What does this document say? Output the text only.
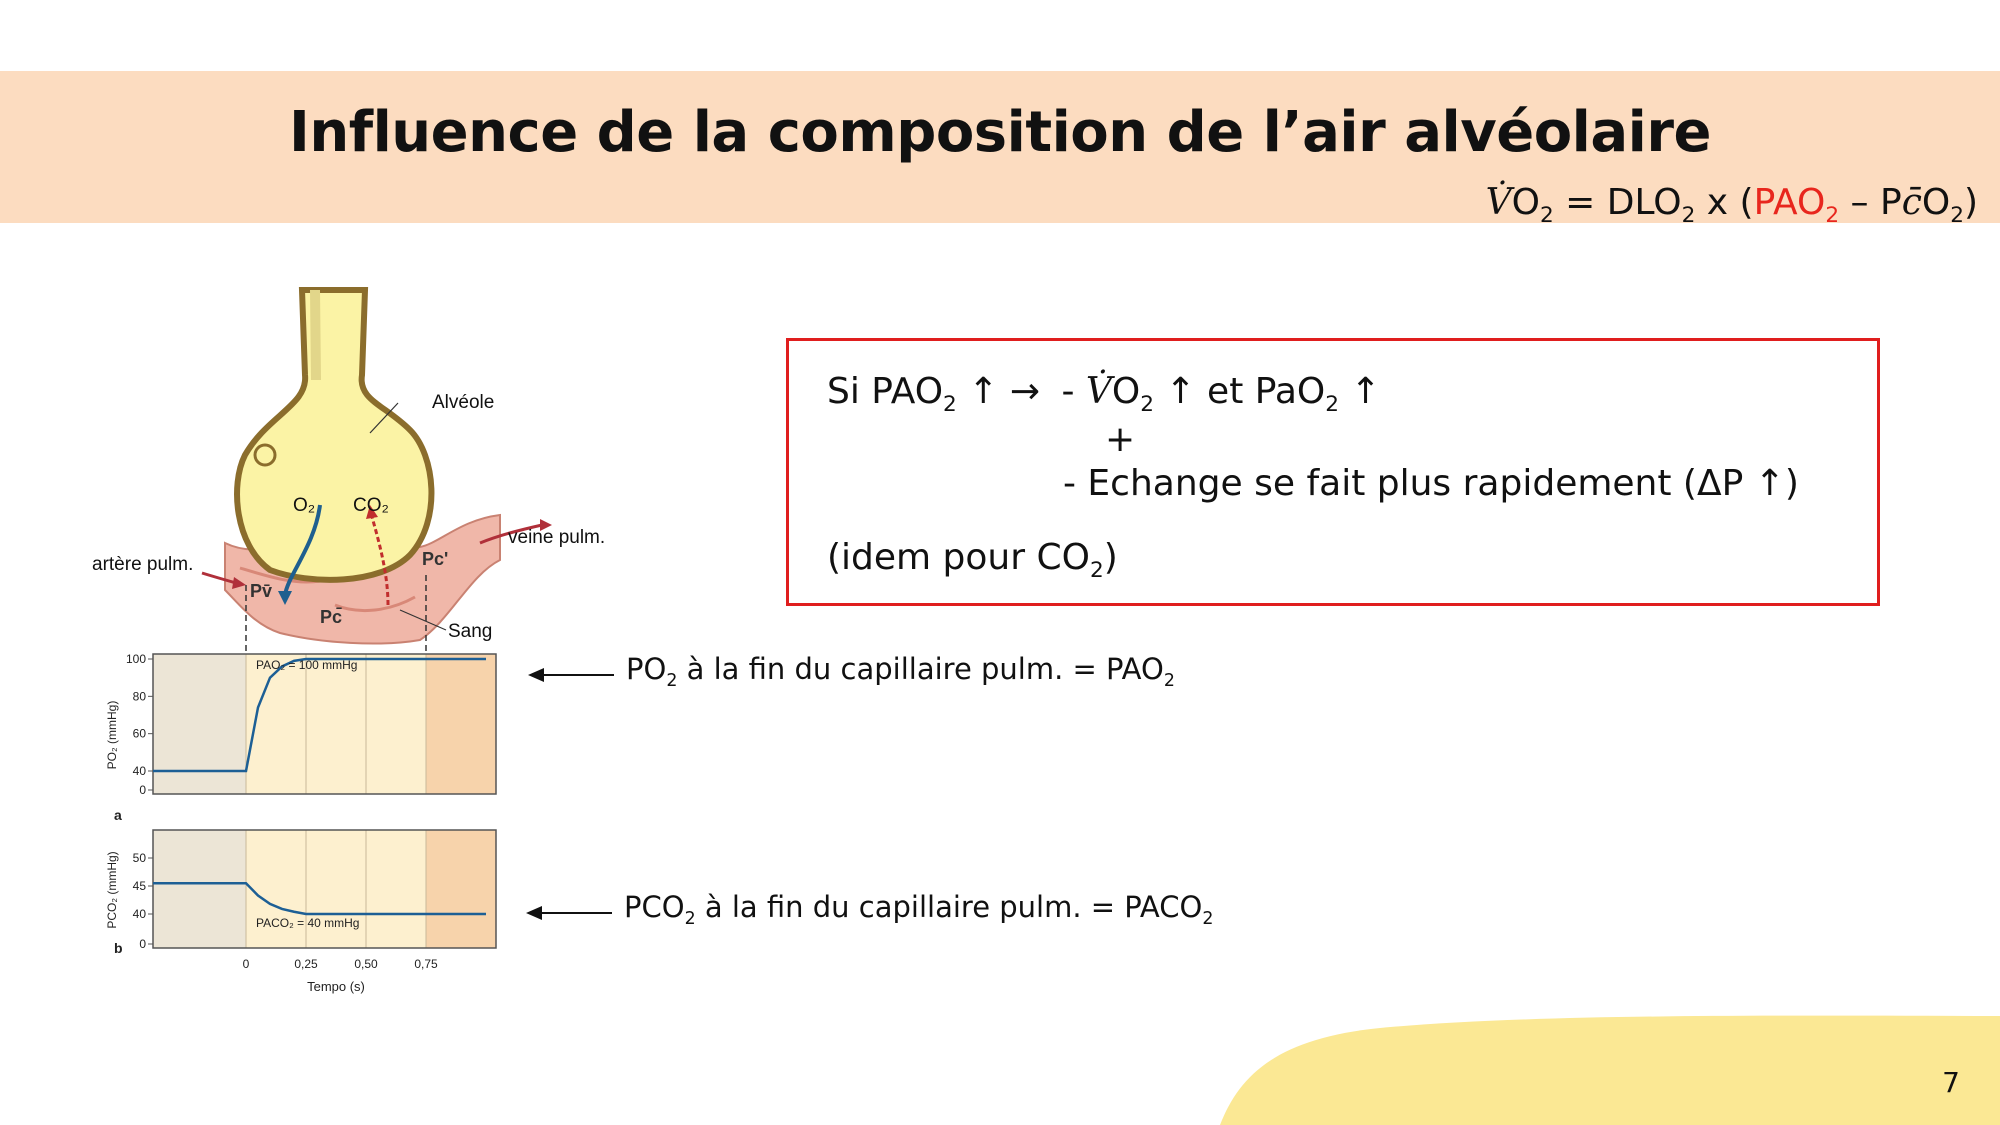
Influence de la composition de l’air alvéolaire
$V̇O_2 = DLO_2$ x ($PAO_2$ – $Pc̄O_2$)
Si $PAO_2$ ↑ → - $V̇O_2$ ↑ et PaO$_2$ ↑
+
- Echange se fait plus rapidement (ΔP ↑)
(idem pour $CO_2$)
$PO_2$ à la fin du capillaire pulm. = $PAO_2$
$PCO_2$ à la fin du capillaire pulm. = $PACO_2$
Alvéole
O₂ CO₂
veine pulm.
artère pulm.
Pv̄
Pc'
Pc̄
Sang
0
40
60
80
100	PAO₂ = 100 mmHg
PO₂ (mmHg)
a
0	0,25	0,50	0,75
0
40
45
50
PACO₂ = 40 mmHg
PCO₂ (mmHg)
b
Tempo (s)
7
